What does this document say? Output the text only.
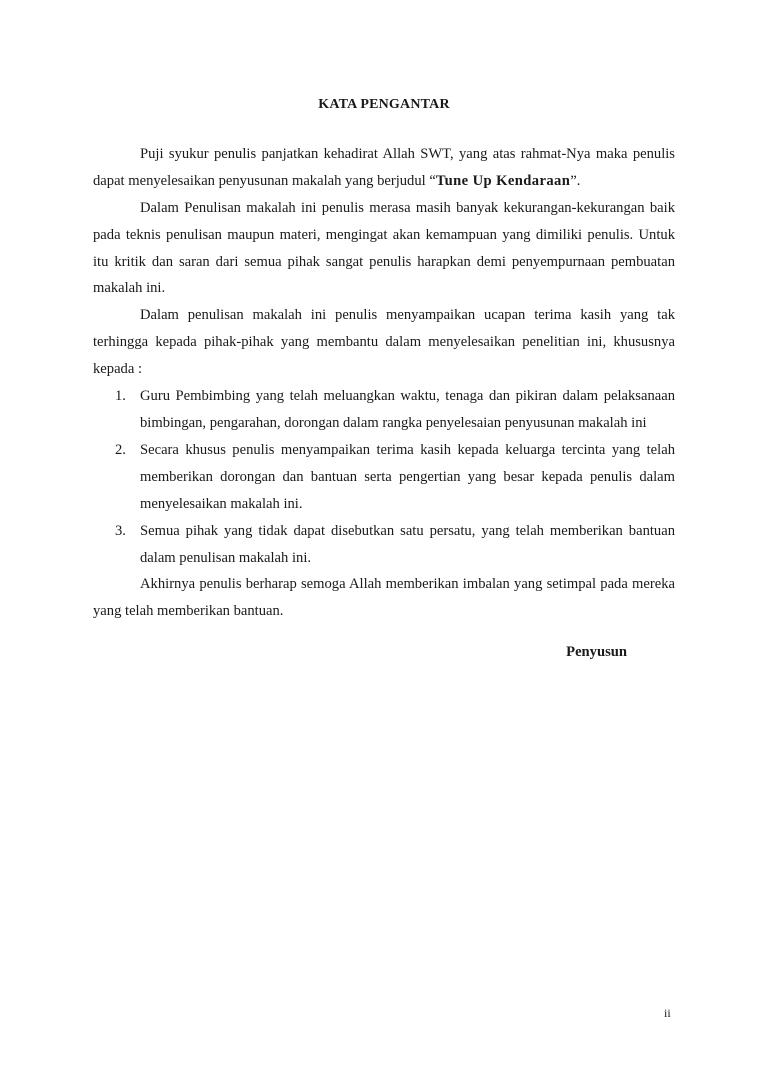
KATA PENGANTAR

Puji syukur penulis panjatkan kehadirat Allah SWT, yang atas rahmat-Nya maka penulis dapat menyelesaikan penyusunan makalah yang berjudul “Tune Up Kendaraan”.

Dalam Penulisan makalah ini penulis merasa masih banyak kekurangan-kekurangan baik pada teknis penulisan maupun materi, mengingat akan kemampuan yang dimiliki penulis. Untuk itu kritik dan saran dari semua pihak sangat penulis harapkan demi penyempurnaan pembuatan makalah ini.

Dalam penulisan makalah ini penulis menyampaikan ucapan terima kasih yang tak terhingga kepada pihak-pihak yang membantu dalam menyelesaikan penelitian ini, khususnya kepada :

1. Guru Pembimbing yang telah meluangkan waktu, tenaga dan pikiran dalam pelaksanaan bimbingan, pengarahan, dorongan dalam rangka penyelesaian penyusunan makalah ini
2. Secara khusus penulis menyampaikan terima kasih kepada keluarga tercinta yang telah memberikan dorongan dan bantuan serta pengertian yang besar kepada penulis dalam menyelesaikan makalah ini.
3. Semua pihak yang tidak dapat disebutkan satu persatu, yang telah memberikan bantuan dalam penulisan makalah ini.

Akhirnya penulis berharap semoga Allah memberikan imbalan yang setimpal pada mereka yang telah memberikan bantuan.

Penyusun
ii
